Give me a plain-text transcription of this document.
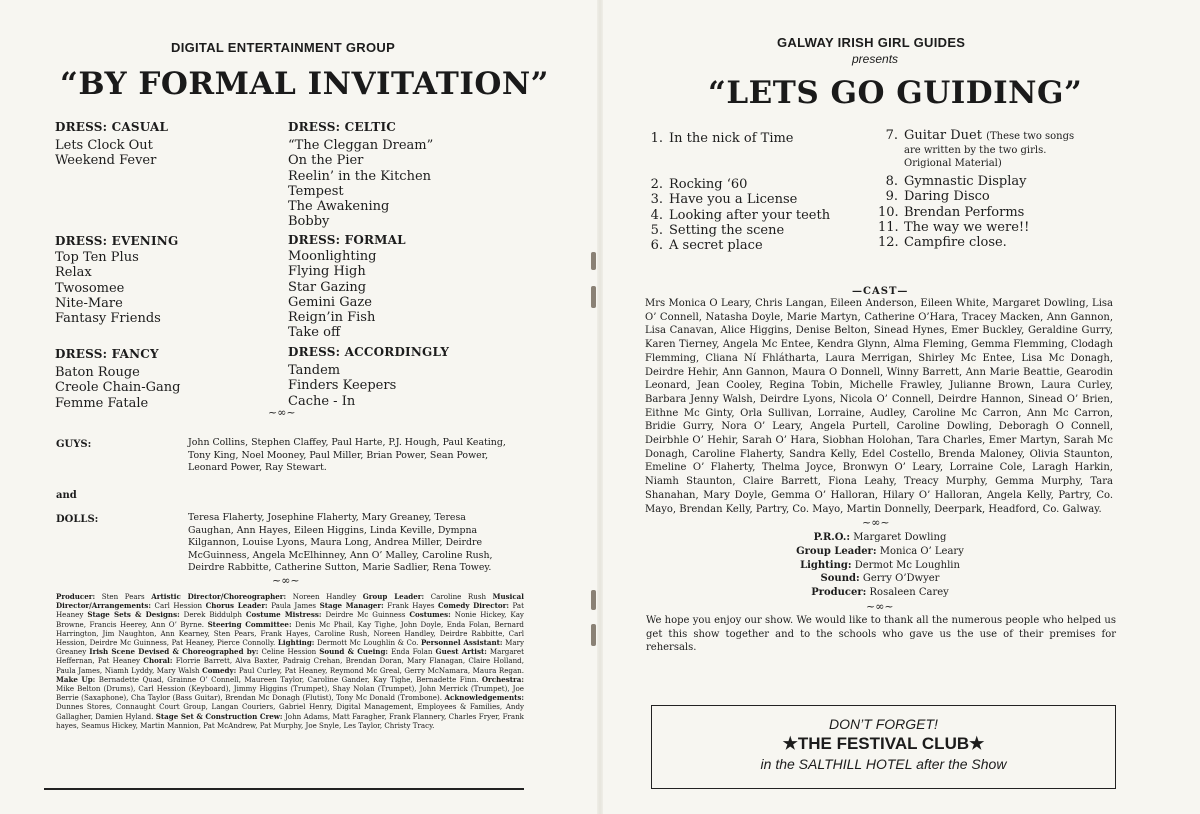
DIGITAL ENTERTAINMENT GROUP
“BY FORMAL INVITATION”

DRESS: CASUAL

Lets Clock Out
Weekend Fever

DRESS: EVENING

Top Ten Plus
Relax
Twosomee
Nite-Mare
Fantasy Friends

DRESS: FANCY

Baton Rouge
Creole Chain-Gang
Femme Fatale

DRESS: CELTIC

“The Cleggan Dream”
On the Pier
Reelin’ in the Kitchen
Tempest
The Awakening
Bobby

DRESS: FORMAL

Moonlighting
Flying High
Star Gazing
Gemini Gaze
Reign’in Fish
Take off

DRESS: ACCORDINGLY

Tandem
Finders Keepers
Cache - In
~∞~
GUYS:	John Collins, Stephen Claffey, Paul Harte, P.J. Hough, Paul Keating, Tony King, Noel Mooney, Paul Miller, Brian Power, Sean Power, Leonard Power, Ray Stewart.
and
DOLLS:	Teresa Flaherty, Josephine Flaherty, Mary Greaney, Teresa Gaughan, Ann Hayes, Eileen Higgins, Linda Keville, Dympna Kilgannon, Louise Lyons, Maura Long, Andrea Miller, Deirdre McGuinness, Angela McElhinney, Ann O’ Malley, Caroline Rush, Deirdre Rabbitte, Catherine Sutton, Marie Sadlier, Rena Towey.
~∞~
Producer: Sten Pears Artistic Director/Choreographer: Noreen Handley Group Leader: Caroline Rush Musical Director/Arrangements: Carl Hession Chorus Leader: Paula James Stage Manager: Frank Hayes Comedy Director: Pat Heaney Stage Sets & Designs: Derek Biddulph Costume Mistress: Deirdre Mc Guinness Costumes: Nonie Hickey, Kay Browne, Francis Heerey, Ann O’ Byrne. Steering Committee: Denis Mc Phail, Kay Tighe, John Doyle, Enda Folan, Bernard Harrington, Jim Naughton, Ann Kearney, Sten Pears, Frank Hayes, Caroline Rush, Noreen Handley, Deirdre Rabbitte, Carl Hession, Deirdre Mc Guinness, Pat Heaney, Pierce Connolly. Lighting: Dermott Mc Loughlin & Co. Personnel Assistant: Mary Greaney Irish Scene Devised & Choreographed by: Celine Hession Sound & Cueing: Enda Folan Guest Artist: Margaret Heffernan, Pat Heaney Choral: Florrie Barrett, Alva Baxter, Padraig Crehan, Brendan Doran, Mary Flanagan, Claire Holland, Paula James, Niamh Lyddy, Mary Walsh Comedy: Paul Curley, Pat Heaney, Reymond Mc Greal, Gerry McNamara, Maura Regan. Make Up: Bernadette Quad, Grainne O’ Connell, Maureen Taylor, Caroline Gander, Kay Tighe, Bernadette Finn. Orchestra: Mike Belton (Drums), Carl Hession (Keyboard), Jimmy Higgins (Trumpet), Shay Nolan (Trumpet), John Merrick (Trumpet), Joe Berrie (Saxaphone), Cha Taylor (Bass Guitar), Brendan Mc Donagh (Flutist), Tony Mc Donald (Trombone). Acknowledgements: Dunnes Stores, Connaught Court Group, Langan Couriers, Gabriel Henry, Digital Management, Employees & Families, Andy Gallagher, Damien Hyland. Stage Set & Construction Crew: John Adams, Matt Faragher, Frank Flannery, Charles Fryer, Frank hayes, Seamus Hickey, Martin Mannion, Pat McAndrew, Pat Murphy, Joe Snyle, Les Taylor, Christy Tracy.
GALWAY IRISH GIRL GUIDES
presents
“LETS GO GUIDING”
1. In the nick of Time
2. Rocking ‘60
3. Have you a License
4. Looking after your teeth
5. Setting the scene
6. A secret place
7. Guitar Duet (These two songs
are written by the two girls.
Origional Material)
8. Gymnastic Display
9. Daring Disco
10. Brendan Performs
11. The way we were!!
12. Campfire close.
—CAST—
Mrs Monica O Leary, Chris Langan, Eileen Anderson, Eileen White, Margaret Dowling, Lisa O’ Connell, Natasha Doyle, Marie Martyn, Catherine O’Hara, Tracey Macken, Ann Gannon, Lisa Canavan, Alice Higgins, Denise Belton, Sinead Hynes, Emer Buckley, Geraldine Gurry, Karen Tierney, Angela Mc Entee, Kendra Glynn, Alma Fleming, Gemma Flemming, Clodagh Flemming, Cliana Ní Fhlátharta, Laura Merrigan, Shirley Mc Entee, Lisa Mc Donagh, Deirdre Hehir, Ann Gannon, Maura O Donnell, Winny Barrett, Ann Marie Beattie, Gearodin Leonard, Jean Cooley, Regina Tobin, Michelle Frawley, Julianne Brown, Laura Curley, Barbara Jenny Walsh, Deirdre Lyons, Nicola O’ Connell, Deirdre Hannon, Sinead O’ Brien, Eithne Mc Ginty, Orla Sullivan, Lorraine, Audley, Caroline Mc Carron, Ann Mc Carron, Bridie Gurry, Nora O’ Leary, Angela Purtell, Caroline Dowling, Deboragh O Connell, Deirbhle O’ Hehir, Sarah O’ Hara, Siobhan Holohan, Tara Charles, Emer Martyn, Sarah Mc Donagh, Caroline Flaherty, Sandra Kelly, Edel Costello, Brenda Maloney, Olivia Staunton, Emeline O’ Flaherty, Thelma Joyce, Bronwyn O’ Leary, Lorraine Cole, Laragh Harkin, Niamh Staunton, Claire Barrett, Fiona Leahy, Treacy Murphy, Gemma Murphy, Tara Shanahan, Mary Doyle, Gemma O’ Halloran, Hilary O’ Halloran, Angela Kelly, Partry, Co. Mayo, Brendan Kelly, Partry, Co. Mayo, Martin Donnelly, Deerpark, Headford, Co. Galway.
~∞~
P.R.O.: Margaret Dowling
Group Leader: Monica O’ Leary
Lighting: Dermot Mc Loughlin
Sound: Gerry O’Dwyer
Producer: Rosaleen Carey
~∞~
We hope you enjoy our show. We would like to thank all the numerous people who helped us get this show together and to the schools who gave us the use of their premises for rehersals.
DON’T FORGET!
★THE FESTIVAL CLUB★
in the SALTHILL HOTEL after the Show
